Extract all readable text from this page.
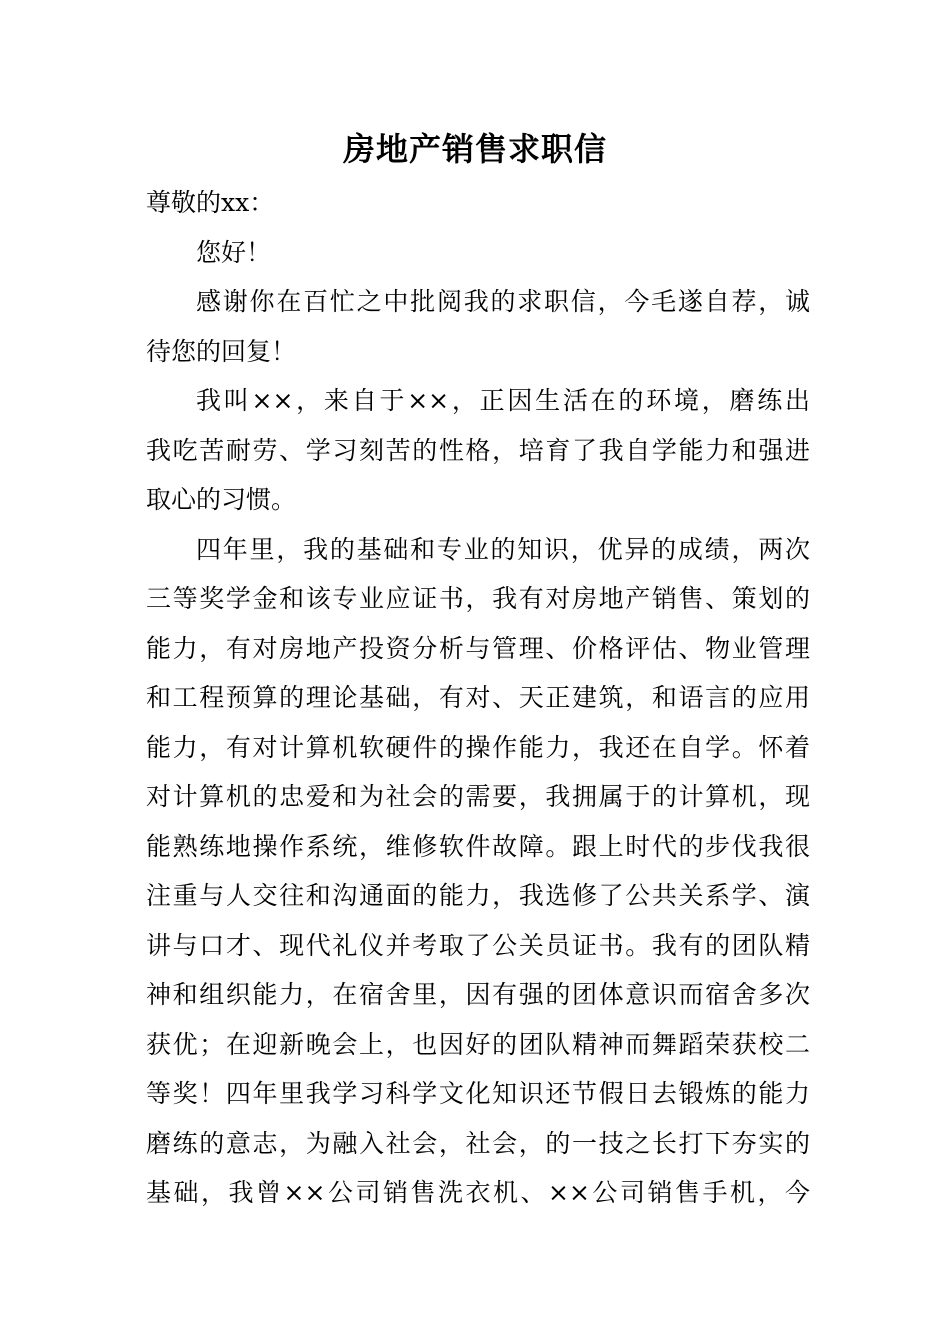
房地产销售求职信
尊敬的xx：
您好！
感谢你在百忙之中批阅我的求职信，今毛遂自荐，诚
待您的回复！
我叫××，来自于××，正因生活在的环境，磨练出
我吃苦耐劳、学习刻苦的性格，培育了我自学能力和强进
取心的习惯。
四年里，我的基础和专业的知识，优异的成绩，两次
三等奖学金和该专业应证书，我有对房地产销售、策划的
能力，有对房地产投资分析与管理、价格评估、物业管理
和工程预算的理论基础，有对、天正建筑，和语言的应用
能力，有对计算机软硬件的操作能力，我还在自学。怀着
对计算机的忠爱和为社会的需要，我拥属于的计算机，现
能熟练地操作系统，维修软件故障。跟上时代的步伐我很
注重与人交往和沟通面的能力，我选修了公共关系学、演
讲与口才、现代礼仪并考取了公关员证书。我有的团队精
神和组织能力，在宿舍里，因有强的团体意识而宿舍多次
获优；在迎新晚会上，也因好的团队精神而舞蹈荣获校二
等奖！四年里我学习科学文化知识还节假日去锻炼的能力
磨练的意志，为融入社会，社会，的一技之长打下夯实的
基础，我曾××公司销售洗衣机、××公司销售手机，今
